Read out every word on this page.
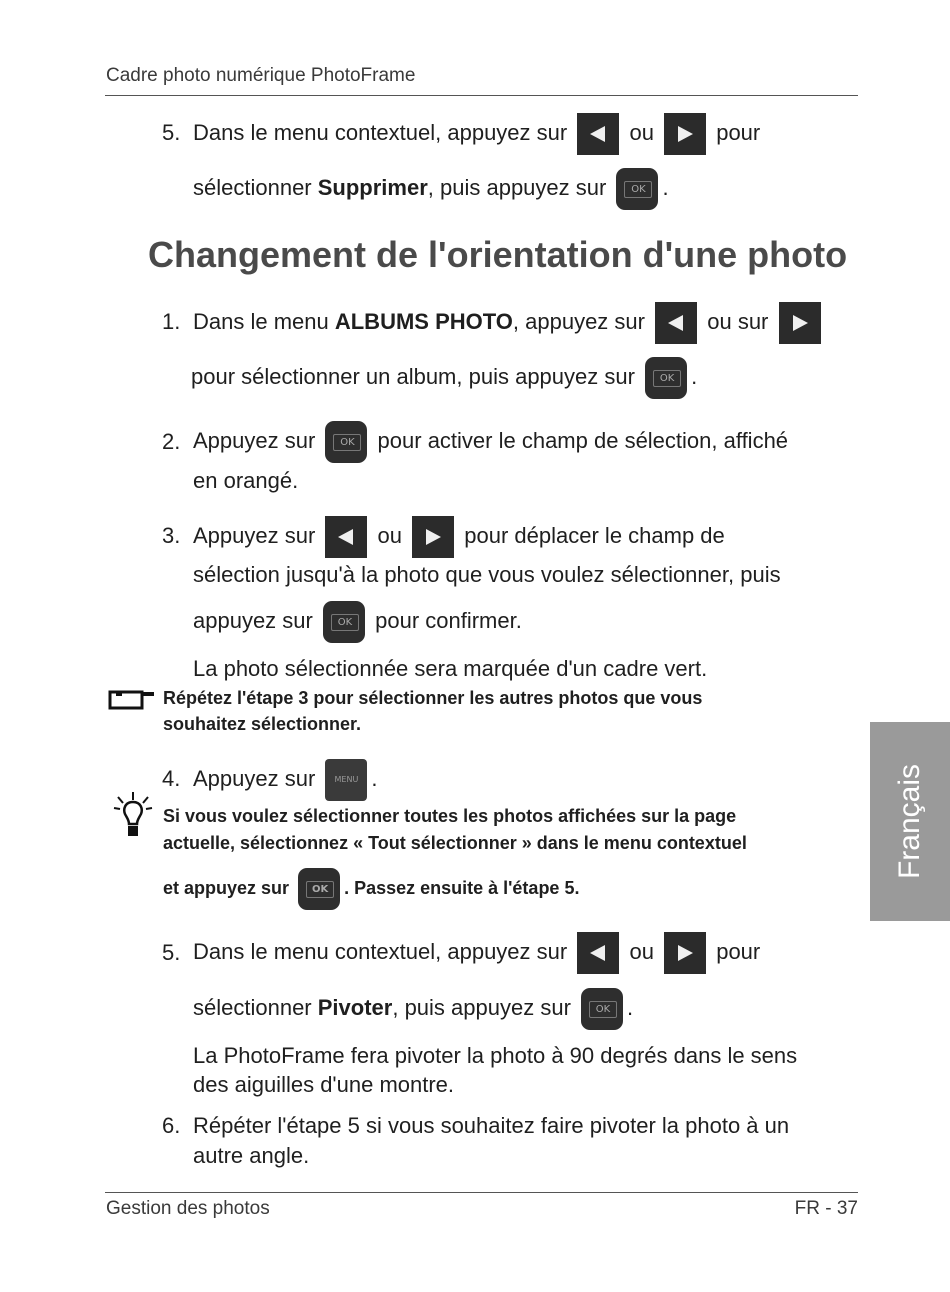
Cadre photo numérique PhotoFrame
5. Dans le menu contextuel, appuyez sur	ou	pour
sélectionner Supprimer, puis appuyez sur OK	.
Changement de l'orientation d'une photo
1. Dans le menu ALBUMS PHOTO, appuyez sur	ou sur
pour sélectionner un album, puis appuyez sur OK	.
2. Appuyez sur OK	pour activer le champ de sélection, affiché
en orangé.
3. Appuyez sur	ou	pour déplacer le champ de
sélection jusqu'à la photo que vous voulez sélectionner, puis
appuyez sur OK	pour confirmer.
La photo sélectionnée sera marquée d'un cadre vert.
Répétez l'étape 3 pour sélectionner les autres photos que vous
souhaitez sélectionner.
4. Appuyez sur MENU	.
Si vous voulez sélectionner toutes les photos affichées sur la page
actuelle, sélectionnez « Tout sélectionner » dans le menu contextuel
et appuyez sur OK	. Passez ensuite à l'étape 5.
5. Dans le menu contextuel, appuyez sur	ou	pour
sélectionner Pivoter, puis appuyez sur OK	.
La PhotoFrame fera pivoter la photo à 90 degrés dans le sens
des aiguilles d'une montre.
6. Répéter l'étape 5 si vous souhaitez faire pivoter la photo à un
autre angle.
Français
Gestion des photos	FR - 37
